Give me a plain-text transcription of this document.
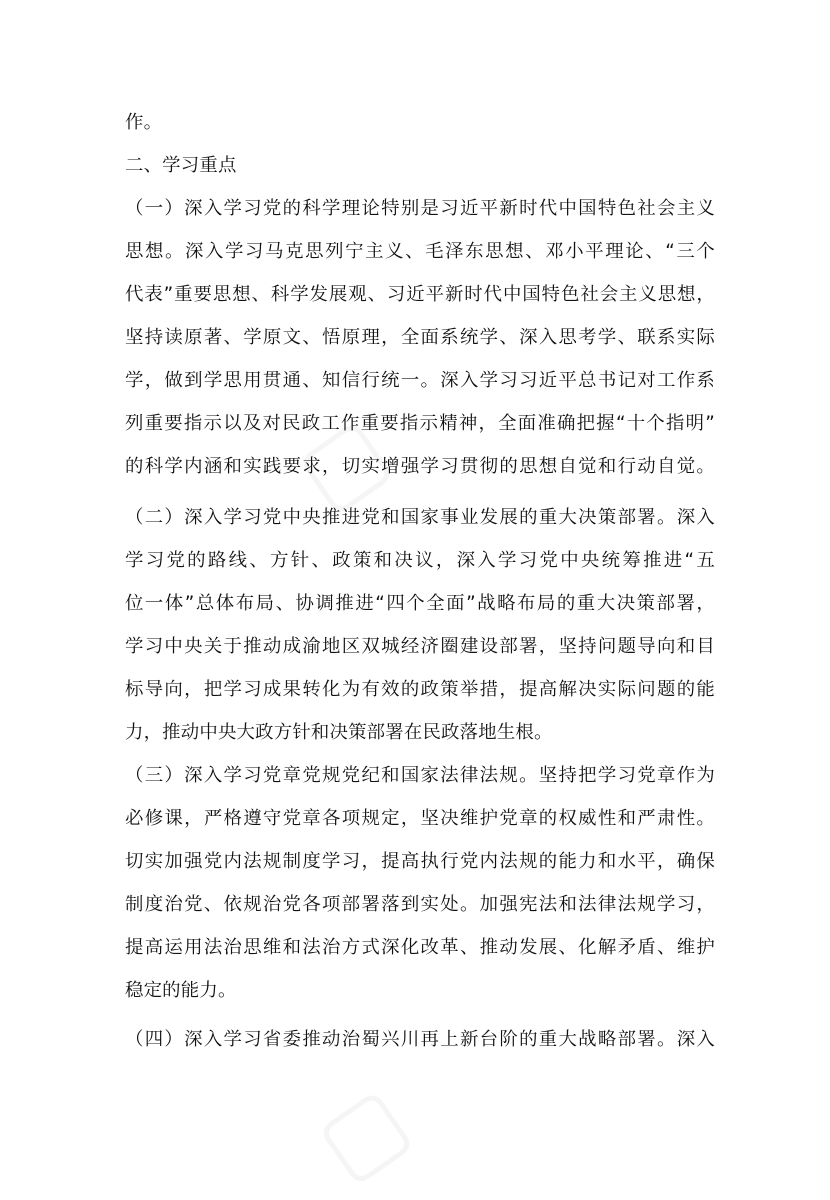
作。
二、学习重点
（一）深入学习党的科学理论特别是习近平新时代中国特色社会主义
思想。深入学习马克思列宁主义、毛泽东思想、邓小平理论、“三个
代表”重要思想、科学发展观、习近平新时代中国特色社会主义思想，
坚持读原著、学原文、悟原理，全面系统学、深入思考学、联系实际
学，做到学思用贯通、知信行统一。深入学习习近平总书记对工作系
列重要指示以及对民政工作重要指示精神，全面准确把握“十个指明”
的科学内涵和实践要求，切实增强学习贯彻的思想自觉和行动自觉。
（二）深入学习党中央推进党和国家事业发展的重大决策部署。深入
学习党的路线、方针、政策和决议，深入学习党中央统筹推进“五
位一体”总体布局、协调推进“四个全面”战略布局的重大决策部署，
学习中央关于推动成渝地区双城经济圈建设部署，坚持问题导向和目
标导向，把学习成果转化为有效的政策举措，提高解决实际问题的能
力，推动中央大政方针和决策部署在民政落地生根。
（三）深入学习党章党规党纪和国家法律法规。坚持把学习党章作为
必修课，严格遵守党章各项规定，坚决维护党章的权威性和严肃性。
切实加强党内法规制度学习，提高执行党内法规的能力和水平，确保
制度治党、依规治党各项部署落到实处。加强宪法和法律法规学习，
提高运用法治思维和法治方式深化改革、推动发展、化解矛盾、维护
稳定的能力。
（四）深入学习省委推动治蜀兴川再上新台阶的重大战略部署。深入
